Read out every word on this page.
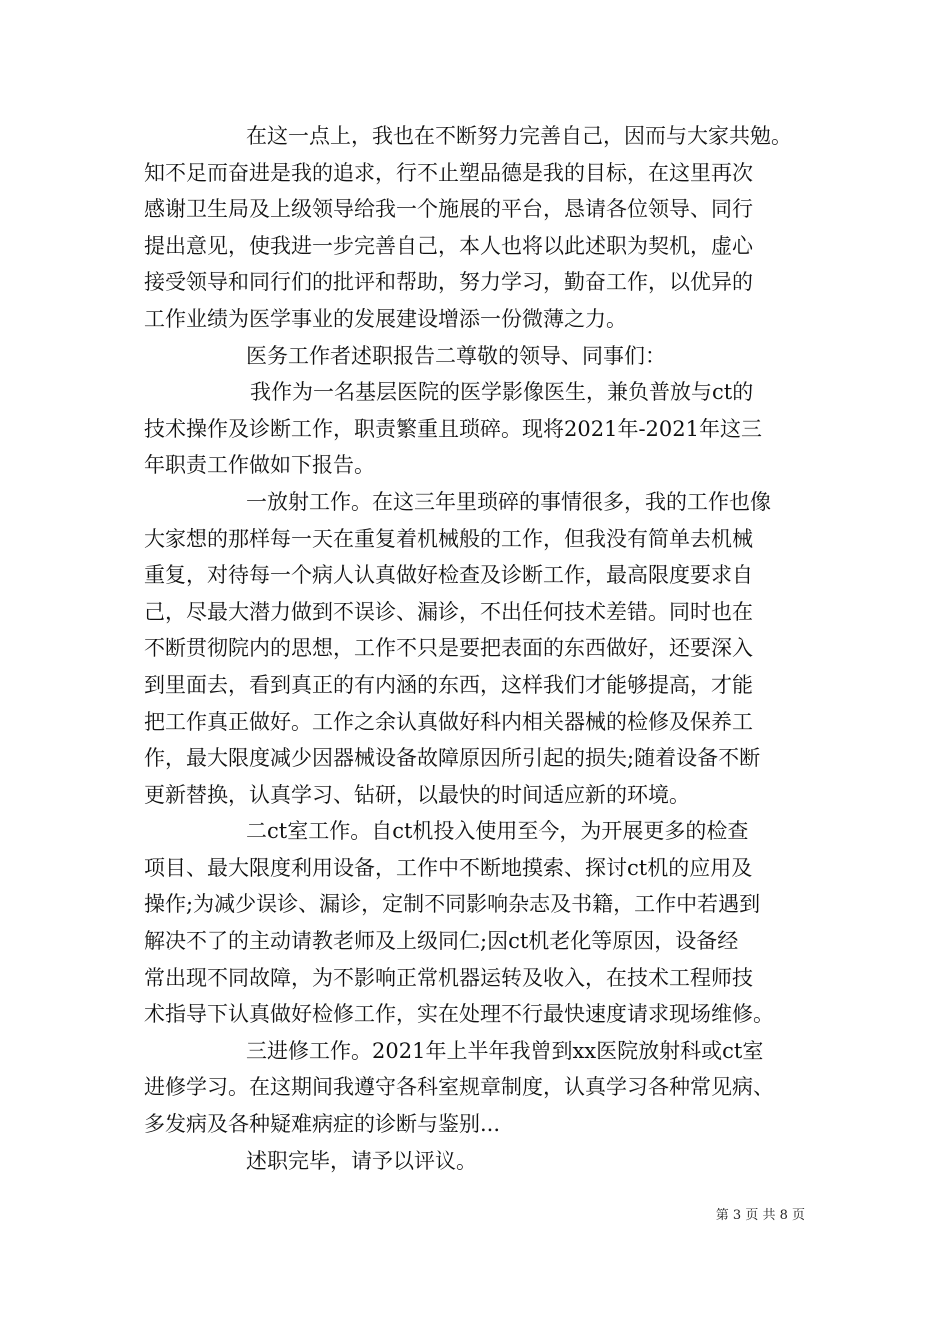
在这一点上，我也在不断努力完善自己，因而与大家共勉。

知不足而奋进是我的追求，行不止塑品德是我的目标，在这里再次

感谢卫生局及上级领导给我一个施展的平台，恳请各位领导、同行

提出意见，使我进一步完善自己，本人也将以此述职为契机，虚心

接受领导和同行们的批评和帮助，努力学习，勤奋工作，以优异的

工作业绩为医学事业的发展建设增添一份微薄之力。

医务工作者述职报告二尊敬的领导、同事们：

我作为一名基层医院的医学影像医生，兼负普放与ct的

技术操作及诊断工作，职责繁重且琐碎。现将2021年-2021年这三

年职责工作做如下报告。

一放射工作。在这三年里琐碎的事情很多，我的工作也像

大家想的那样每一天在重复着机械般的工作，但我没有简单去机械

重复，对待每一个病人认真做好检查及诊断工作，最高限度要求自

己，尽最大潜力做到不误诊、漏诊，不出任何技术差错。同时也在

不断贯彻院内的思想，工作不只是要把表面的东西做好，还要深入

到里面去，看到真正的有内涵的东西，这样我们才能够提高，才能

把工作真正做好。工作之余认真做好科内相关器械的检修及保养工

作，最大限度减少因器械设备故障原因所引起的损失;随着设备不断

更新替换，认真学习、钻研，以最快的时间适应新的环境。

二ct室工作。自ct机投入使用至今，为开展更多的检查

项目、最大限度利用设备，工作中不断地摸索、探讨ct机的应用及

操作;为减少误诊、漏诊，定制不同影响杂志及书籍，工作中若遇到

解决不了的主动请教老师及上级同仁;因ct机老化等原因，设备经

常出现不同故障，为不影响正常机器运转及收入，在技术工程师技

术指导下认真做好检修工作，实在处理不行最快速度请求现场维修。

三进修工作。2021年上半年我曾到xx医院放射科或ct室

进修学习。在这期间我遵守各科室规章制度，认真学习各种常见病、

多发病及各种疑难病症的诊断与鉴别...

述职完毕，请予以评议。

第 3 页 共 8 页
